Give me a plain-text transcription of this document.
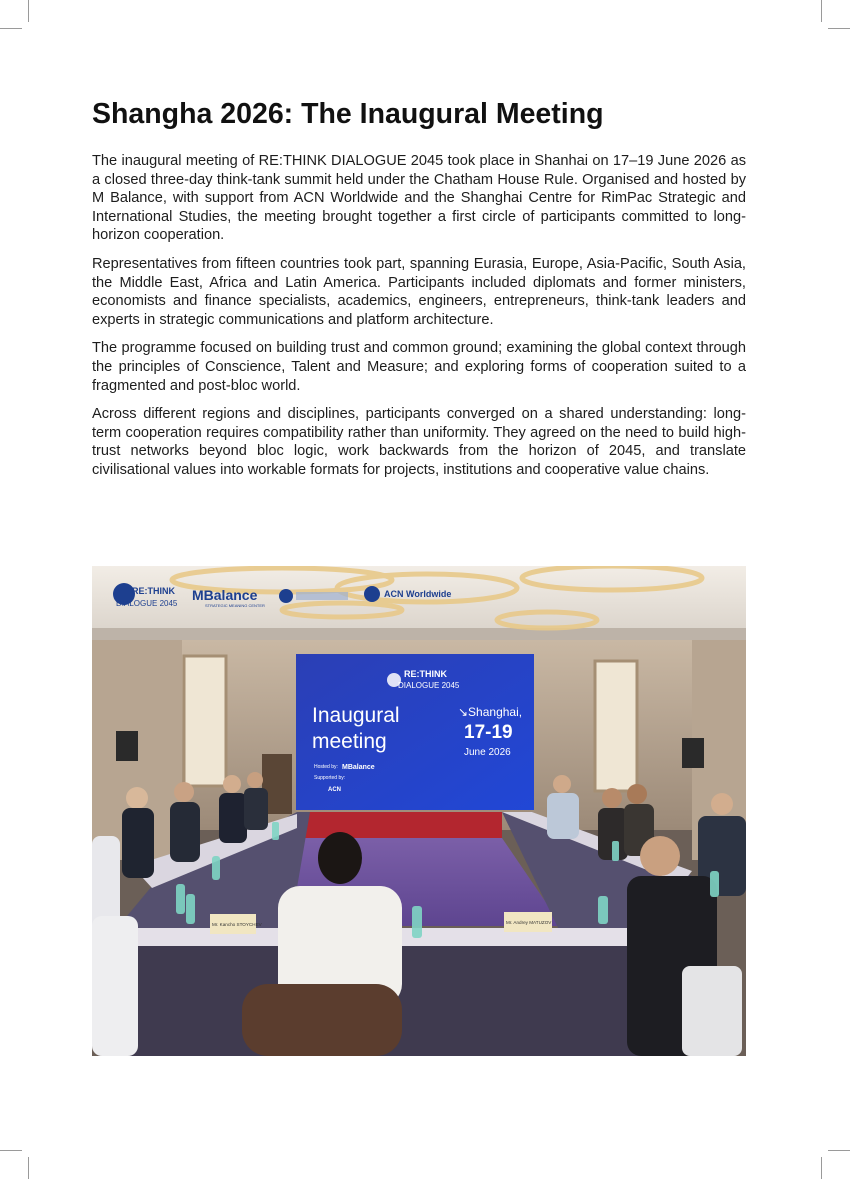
Shangha 2026: The Inaugural Meeting

The inaugural meeting of RE:THINK DIALOGUE 2045 took place in Shanhai on 17–19 June 2026 as a closed three-day think-tank summit held under the Chatham House Rule. Organised and hosted by M Balance, with support from ACN Worldwide and the Shanghai Centre for RimPac Strategic and International Studies, the meeting brought together a first circle of participants committed to long-horizon cooperation.

Representatives from fifteen countries took part, spanning Eurasia, Europe, Asia-Pacific, South Asia, the Middle East, Africa and Latin America. Participants included diplomats and former ministers, economists and finance specialists, academics, engineers, entrepreneurs, think-tank leaders and experts in strategic communications and platform architecture.

The programme focused on building trust and common ground; examining the global context through the principles of Conscience, Talent and Measure; and exploring forms of cooperation suited to a fragmented and post-bloc world.

Across different regions and disciplines, participants converged on a shared understanding: long-term cooperation requires compatibility rather than uniformity. They agreed on the need to build high-trust networks beyond bloc logic, work backwards from the horizon of 2045, and translate civilisational values into workable formats for projects, institutions and cooperative value chains.

RE:THINK
DIALOGUE 2045
Inaugural
meeting
↘Shanghai,
17-19
June 2026
Hosted by: MBalance
Supported by:
ACN
Mr. Kancho STOYCHEV	Mr. Andrey MATUZOV
RE:THINK
DIALOGUE 2045
MBalance
STRATEGIC MEANING CENTER
ACN Worldwide
